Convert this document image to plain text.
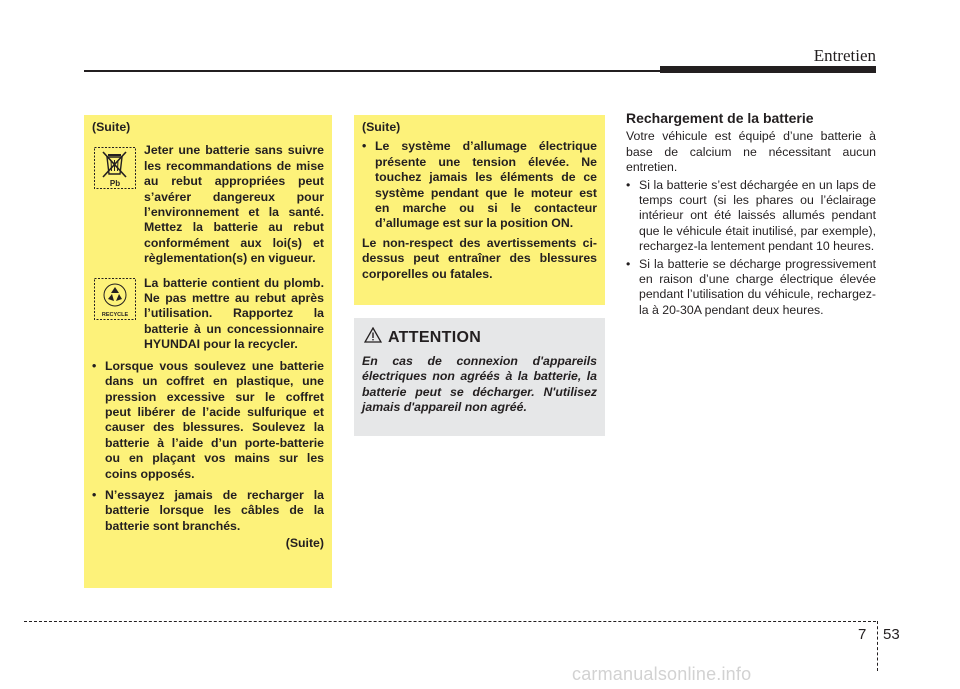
Entretien
(Suite)
Pb

Jeter une batterie sans suivre les recommandations de mise au rebut appropriées peut s’avérer dangereux pour l’environnement et la santé. Mettez la batterie au rebut conformément aux loi(s) et règlementation(s) en vigueur.

RECYCLE

La batterie contient du plomb. Ne pas mettre au rebut après l’utilisation. Rapportez la batterie à un concessionnaire HYUNDAI pour la recycler.

• Lorsque vous soulevez une batterie dans un coffret en plastique, une pression excessive sur le coffret peut libérer de l’acide sulfurique et causer des blessures. Soulevez la batterie à l’aide d’un porte-batterie ou en plaçant vos mains sur les coins opposés.
• N’essayez jamais de recharger la batterie lorsque les câbles de la batterie sont branchés.
(Suite)
(Suite)
• Le système d’allumage électrique présente une tension élevée. Ne touchez jamais les éléments de ce système pendant que le moteur est en marche ou si le contacteur d’allumage est sur la position ON.
Le non-respect des avertissements ci-dessus peut entraîner des blessures corporelles ou fatales.
ATTENTION
En cas de connexion d'appareils électriques non agréés à la batterie, la batterie peut se décharger. N'utilisez jamais d'appareil non agréé.
Rechargement de la batterie
Votre véhicule est équipé d’une batterie à base de calcium ne nécessitant aucun entretien.
• Si la batterie s’est déchargée en un laps de temps court (si les phares ou l’éclairage intérieur ont été laissés allumés pendant que le véhicule était inutilisé, par exemple), rechargez-la lentement pendant 10 heures.
• Si la batterie se décharge progressivement en raison d’une charge électrique élevée pendant l’utilisation du véhicule, rechargez-la à 20-30A pendant deux heures.
7 53
carmanualsonline.info
